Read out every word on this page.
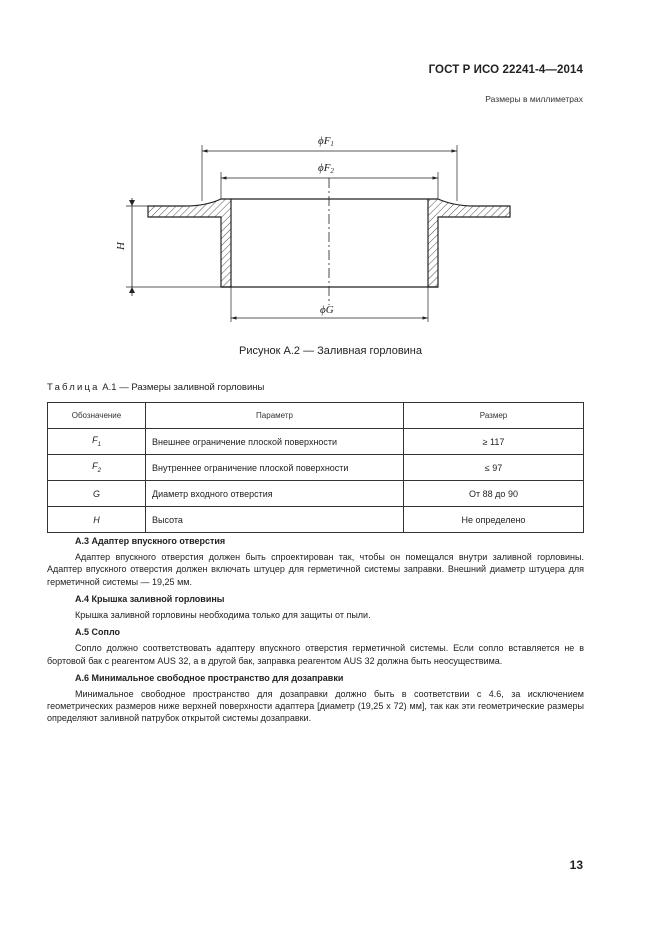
ГОСТ Р ИСО 22241-4—2014
Размеры в миллиметрах
ϕF1
ϕF2
ϕG
H
Рисунок А.2 — Заливная горловина
Таблица А.1 — Размеры заливной горловины
Обозначение	Параметр	Размер
$F_1$	Внешнее ограничение плоской поверхности	≥ 117
$F_2$	Внутреннее ограничение плоской поверхности	≤ 97
G	Диаметр входного отверстия	От 88 до 90
H	Высота	Не определено
А.3 Адаптер впускного отверстия

Адаптер впускного отверстия должен быть спроектирован так, чтобы он помещался внутри заливной горловины. Адаптер впускного отверстия должен включать штуцер для герметичной системы заправки. Внешний диаметр штуцера для герметичной системы — 19,25 мм.

А.4 Крышка заливной горловины

Крышка заливной горловины необходима только для защиты от пыли.

А.5 Сопло

Сопло должно соответствовать адаптеру впускного отверстия герметичной системы. Если сопло вставляется не в бортовой бак с реагентом AUS 32, а в другой бак, заправка реагентом AUS 32 должна быть неосуществима.

А.6 Минимальное свободное пространство для дозаправки

Минимальное свободное пространство для дозаправки должно быть в соответствии с 4.6, за исключением геометрических размеров ниже верхней поверхности адаптера [диаметр (19,25 x 72) мм], так как эти геометрические размеры определяют заливной патрубок открытой системы дозаправки.

13
